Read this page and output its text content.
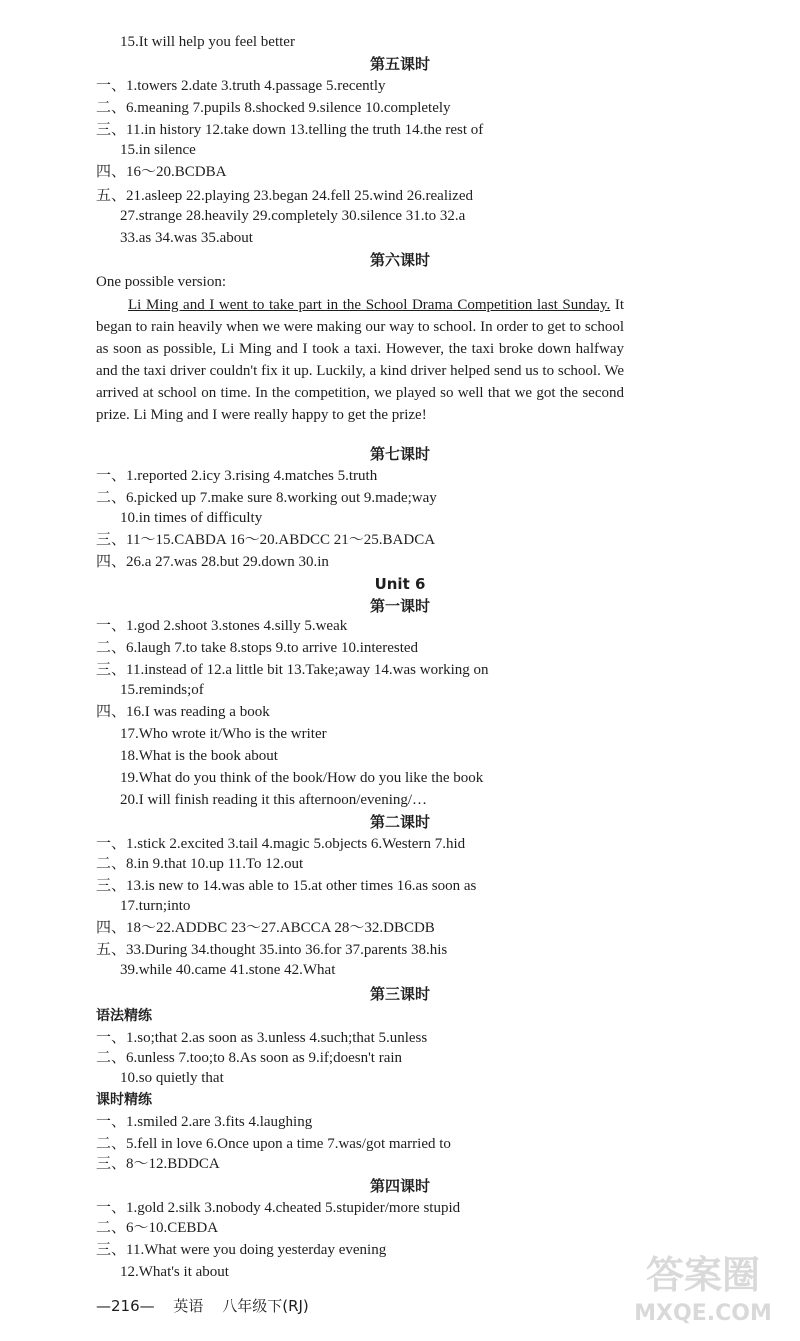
15.It will help you feel better
第五课时
一、1.towers 2.date 3.truth 4.passage 5.recently
二、6.meaning 7.pupils 8.shocked 9.silence 10.completely
三、11.in history 12.take down 13.telling the truth 14.the rest of
15.in silence
四、16～20.BCDBA
五、21.asleep 22.playing 23.began 24.fell 25.wind 26.realized
27.strange 28.heavily 29.completely 30.silence 31.to 32.a
33.as 34.was 35.about
第六课时
One possible version:
Li Ming and I went to take part in the School Drama Competition last Sunday. It began to rain heavily when we were making our way to school. In order to get to school as soon as possible, Li Ming and I took a taxi. However, the taxi broke down halfway and the taxi driver couldn't fix it up. Luckily, a kind driver helped send us to school. We arrived at school on time. In the competition, we played so well that we got the second prize. Li Ming and I were really happy to get the prize!
第七课时
一、1.reported 2.icy 3.rising 4.matches 5.truth
二、6.picked up 7.make sure 8.working out 9.made;way
10.in times of difficulty
三、11～15.CABDA 16～20.ABDCC 21～25.BADCA
四、26.a 27.was 28.but 29.down 30.in
Unit 6
第一课时
一、1.god 2.shoot 3.stones 4.silly 5.weak
二、6.laugh 7.to take 8.stops 9.to arrive 10.interested
三、11.instead of 12.a little bit 13.Take;away 14.was working on
15.reminds;of
四、16.I was reading a book
17.Who wrote it/Who is the writer
18.What is the book about
19.What do you think of the book/How do you like the book
20.I will finish reading it this afternoon/evening/…
第二课时
一、1.stick 2.excited 3.tail 4.magic 5.objects 6.Western 7.hid
二、8.in 9.that 10.up 11.To 12.out
三、13.is new to 14.was able to 15.at other times 16.as soon as
17.turn;into
四、18～22.ADDBC 23～27.ABCCA 28～32.DBCDB
五、33.During 34.thought 35.into 36.for 37.parents 38.his
39.while 40.came 41.stone 42.What
第三课时
语法精练
一、1.so;that 2.as soon as 3.unless 4.such;that 5.unless
二、6.unless 7.too;to 8.As soon as 9.if;doesn't rain
10.so quietly that
课时精练
一、1.smiled 2.are 3.fits 4.laughing
二、5.fell in love 6.Once upon a time 7.was/got married to
三、8～12.BDDCA
第四课时
一、1.gold 2.silk 3.nobody 4.cheated 5.stupider/more stupid
二、6～10.CEBDA
三、11.What were you doing yesterday evening
12.What's it about
—216— 英语 八年级下(RJ)
答案圈
MXQE.COM
